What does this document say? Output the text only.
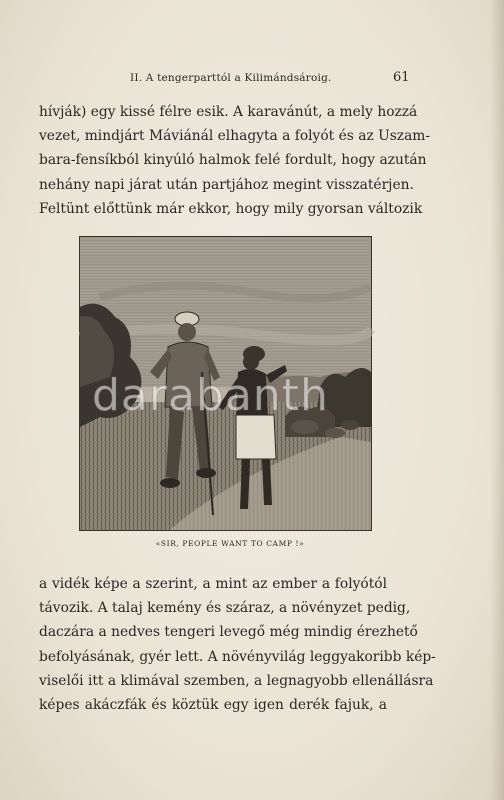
II. A tengerparttól a Kilimándsároig.	61
hívják) egy kissé félre esik. A karavánút, a mely hozzá
vezet, mindjárt Máviánál elhagyta a folyót és az Uszam-
bara-fensíkból kinyúló halmok felé fordult, hogy azután
nehány napi járat után partjához megint visszatérjen.
Feltünt előttünk már ekkor, hogy mily gyorsan változik
«SIR, PEOPLE WANT TO CAMP !»
a vidék képe a szerint, a mint az ember a folyótól
távozik. A talaj kemény és száraz, a növényzet pedig,
daczára a nedves tengeri levegő még mindig érezhető
befolyásának, gyér lett. A növényvilág leggyakoribb kép-
viselői itt a klimával szemben, a legnagyobb ellenállásra
képes akáczfák és köztük egy igen derék fajuk, a
darabanth
